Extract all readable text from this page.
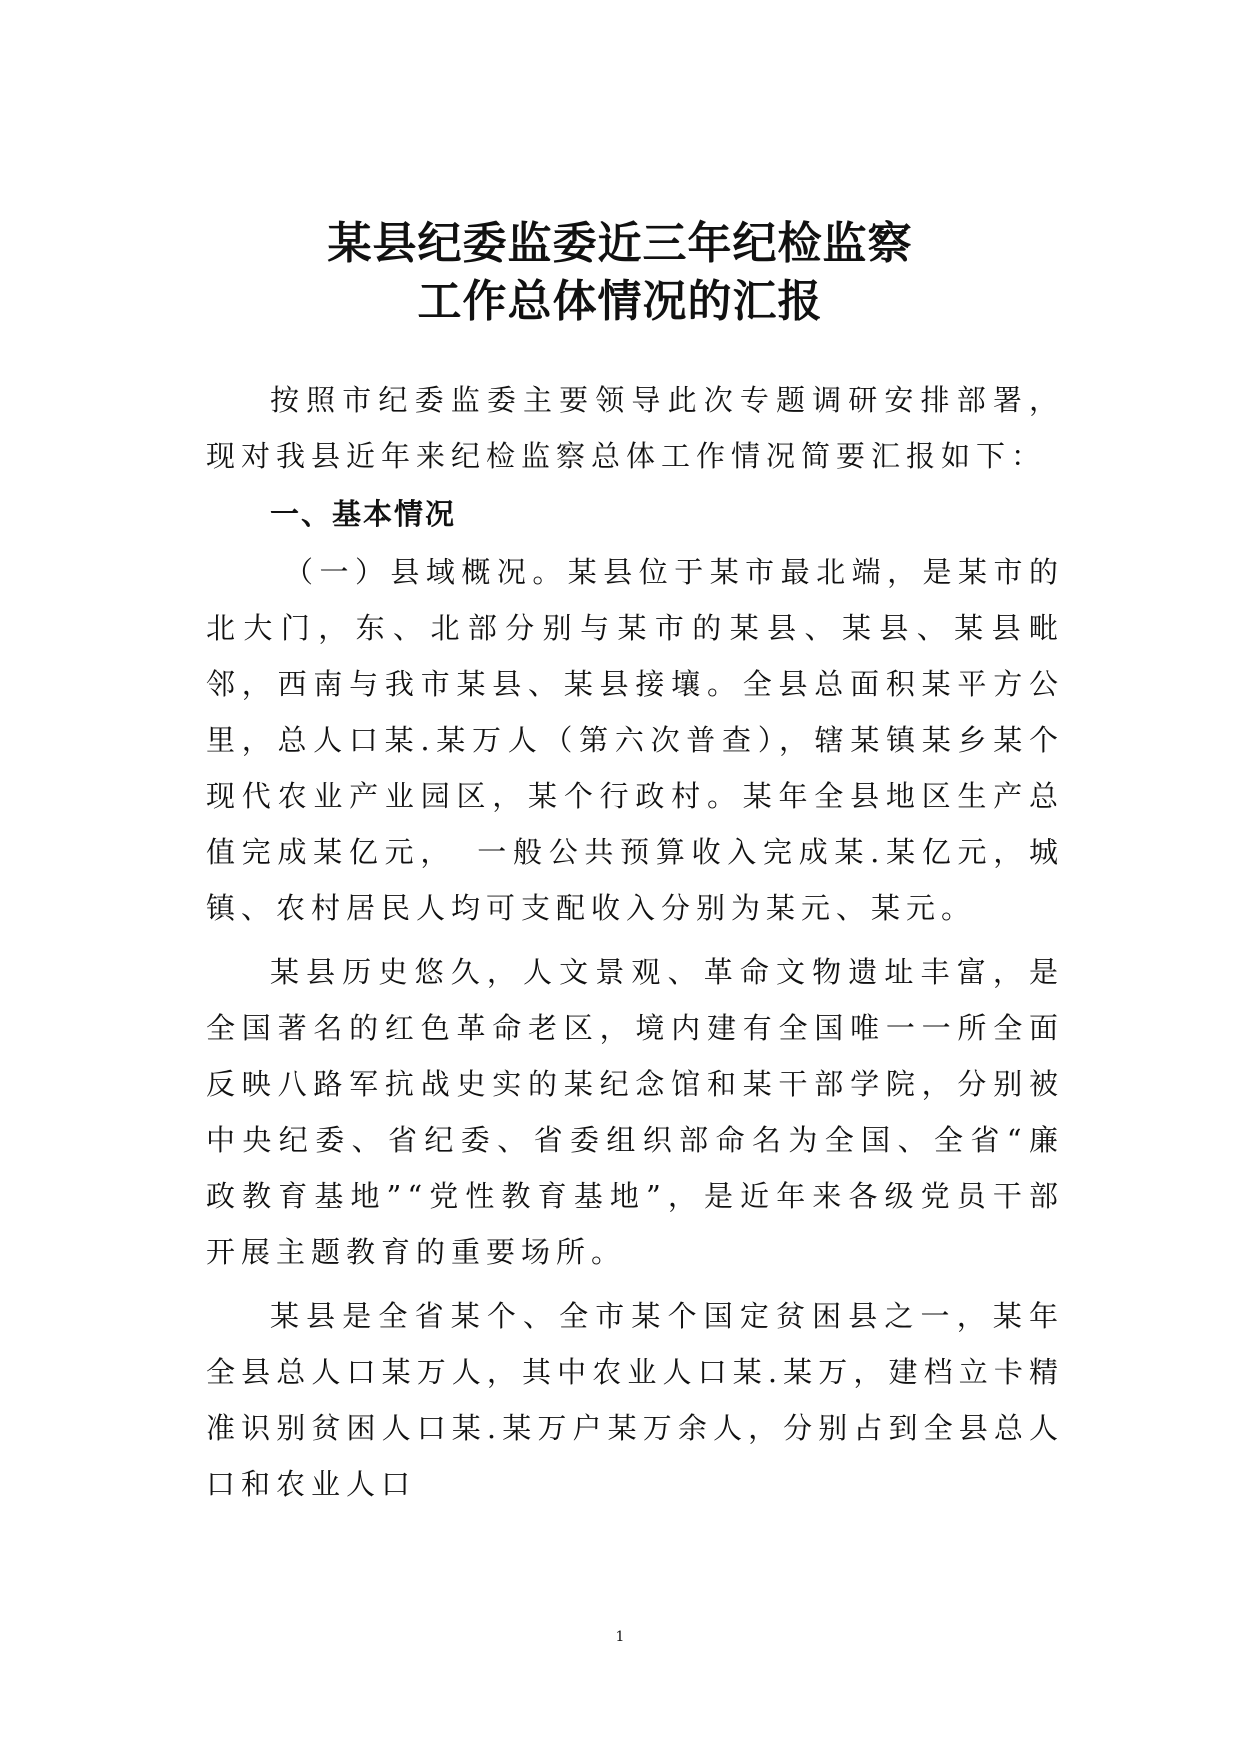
某县纪委监委近三年纪检监察
工作总体情况的汇报

按照市纪委监委主要领导此次专题调研安排部署，现对我县近年来纪检监察总体工作情况简要汇报如下：

一、基本情况

（一）县域概况。某县位于某市最北端，是某市的北大门，东、北部分别与某市的某县、某县、某县毗邻，西南与我市某县、某县接壤。全县总面积某平方公里，总人口某.某万人（第六次普查），辖某镇某乡某个现代农业产业园区，某个行政村。某年全县地区生产总值完成某亿元，　一般公共预算收入完成某.某亿元，城镇、农村居民人均可支配收入分别为某元、某元。

某县历史悠久，人文景观、革命文物遗址丰富，是全国著名的红色革命老区，境内建有全国唯一一所全面反映八路军抗战史实的某纪念馆和某干部学院，分别被中央纪委、省纪委、省委组织部命名为全国、全省“廉政教育基地”“党性教育基地”，是近年来各级党员干部开展主题教育的重要场所。

某县是全省某个、全市某个国定贫困县之一，某年全县总人口某万人，其中农业人口某.某万，建档立卡精准识别贫困人口某.某万户某万余人，分别占到全县总人口和农业人口

1
